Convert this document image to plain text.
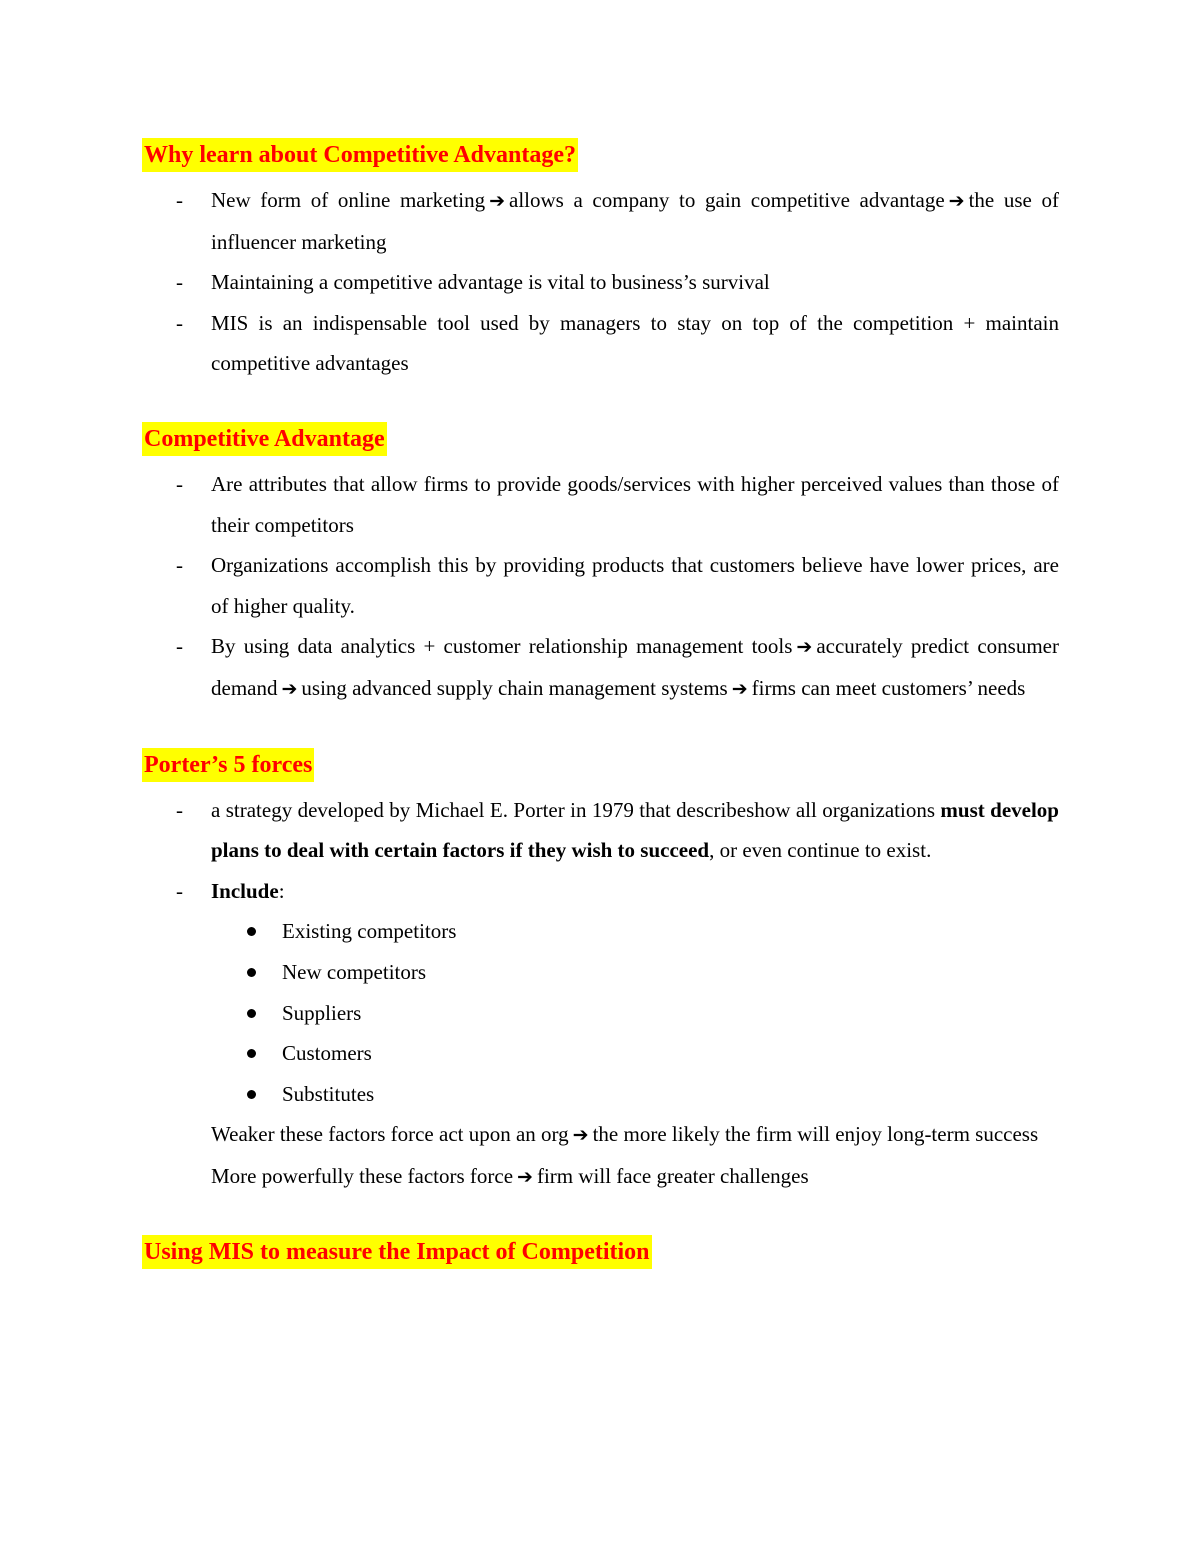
Why learn about Competitive Advantage?
- New form of online marketing ➔ allows a company to gain competitive advantage ➔ the use of influencer marketing
- Maintaining a competitive advantage is vital to business’s survival
- MIS is an indispensable tool used by managers to stay on top of the competition + maintain competitive advantages
Competitive Advantage
- Are attributes that allow firms to provide goods/services with higher perceived values than those of their competitors
- Organizations accomplish this by providing products that customers believe have lower prices, are of higher quality.
- By using data analytics + customer relationship management tools ➔ accurately predict consumer demand ➔ using advanced supply chain management systems ➔ firms can meet customers’ needs
Porter’s 5 forces
- a strategy developed by Michael E. Porter in 1979 that describeshow all organizations must develop plans to deal with certain factors if they wish to succeed, or even continue to exist.
- Include:
Existing competitors
New competitors
Suppliers
Customers
Substitutes
Weaker these factors force act upon an org ➔ the more likely the firm will enjoy long-term success
More powerfully these factors force ➔ firm will face greater challenges
Using MIS to measure the Impact of Competition
